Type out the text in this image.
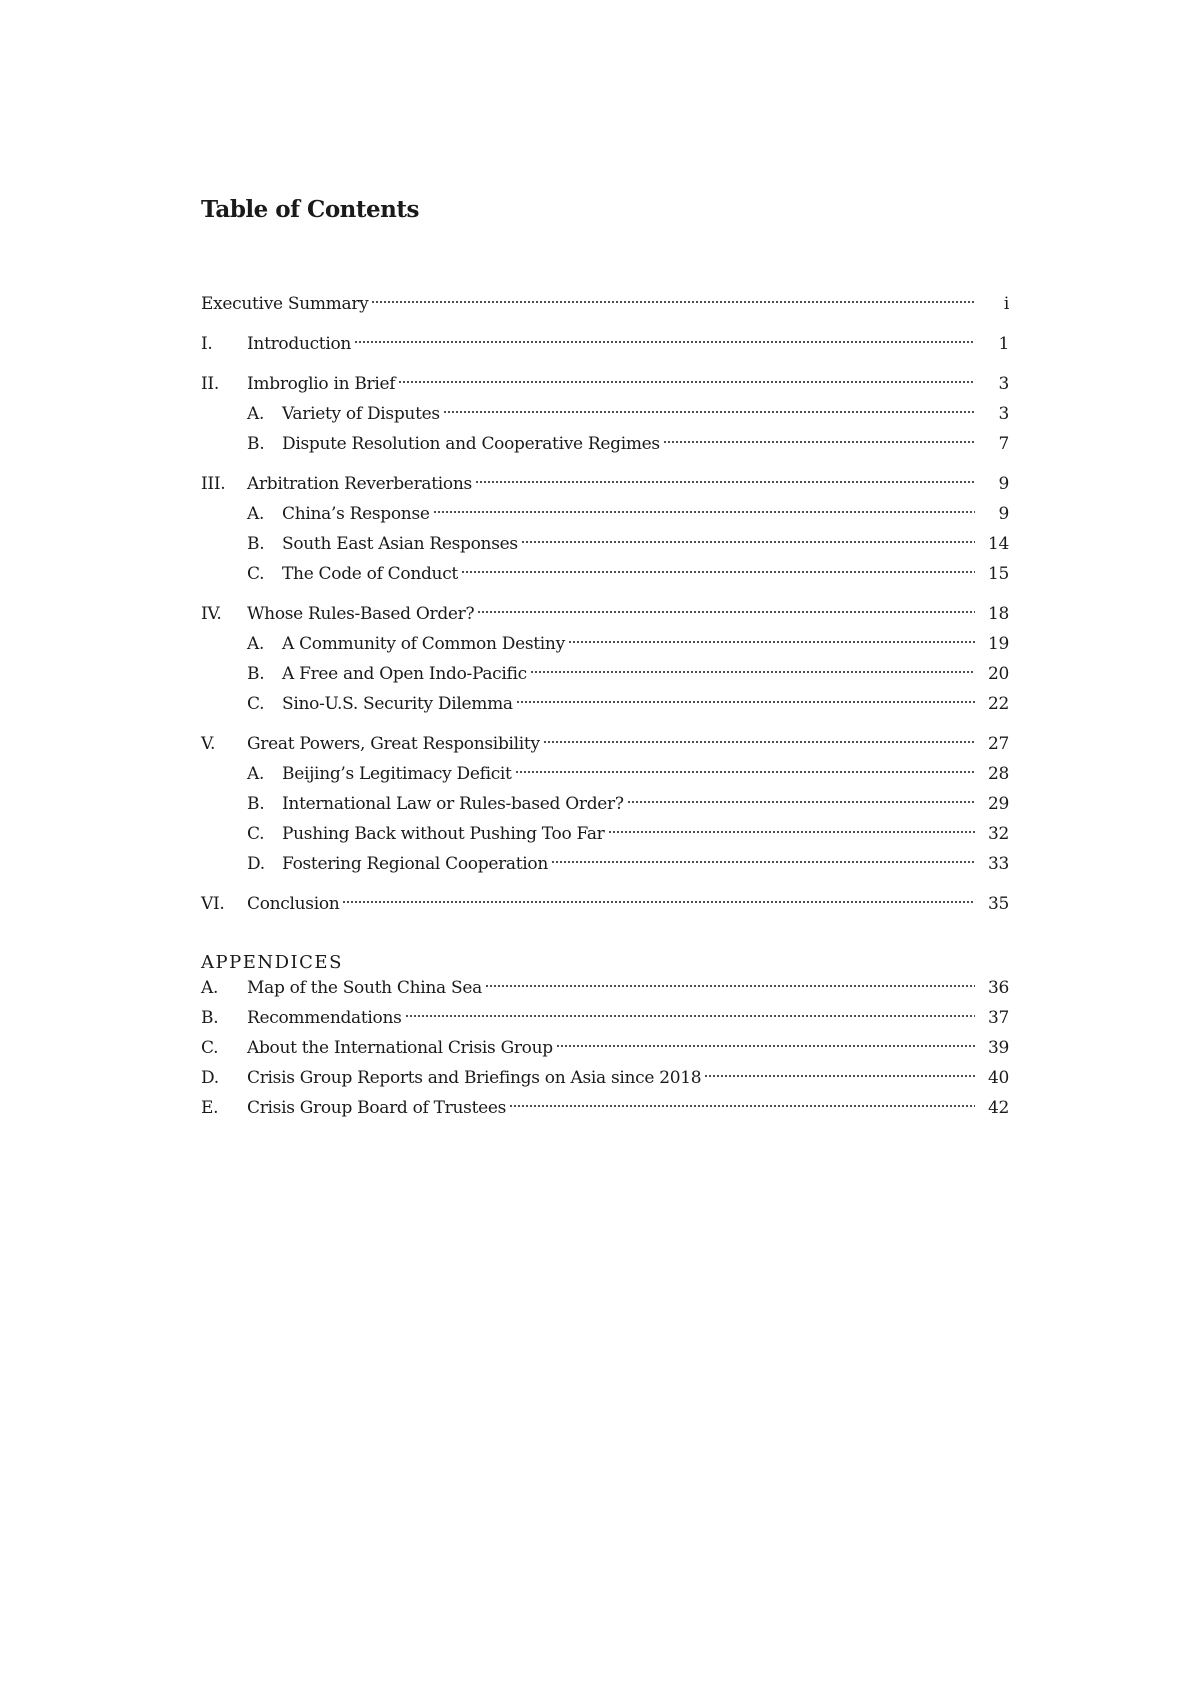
Table of Contents
Executive Summary	i
I.	Introduction	1
II.	Imbroglio in Brief	3
A.	Variety of Disputes	3
B.	Dispute Resolution and Cooperative Regimes	7
III.	Arbitration Reverberations	9
A.	China’s Response	9
B.	South East Asian Responses	14
C.	The Code of Conduct	15
IV.	Whose Rules-Based Order?	18
A.	A Community of Common Destiny	19
B.	A Free and Open Indo-Pacific	20
C.	Sino-U.S. Security Dilemma	22
V.	Great Powers, Great Responsibility	27
A.	Beijing’s Legitimacy Deficit	28
B.	International Law or Rules-based Order?	29
C.	Pushing Back without Pushing Too Far	32
D.	Fostering Regional Cooperation	33
VI.	Conclusion	35
APPENDICES
A.	Map of the South China Sea	36
B.	Recommendations	37
C.	About the International Crisis Group	39
D.	Crisis Group Reports and Briefings on Asia since 2018	40
E.	Crisis Group Board of Trustees	42
